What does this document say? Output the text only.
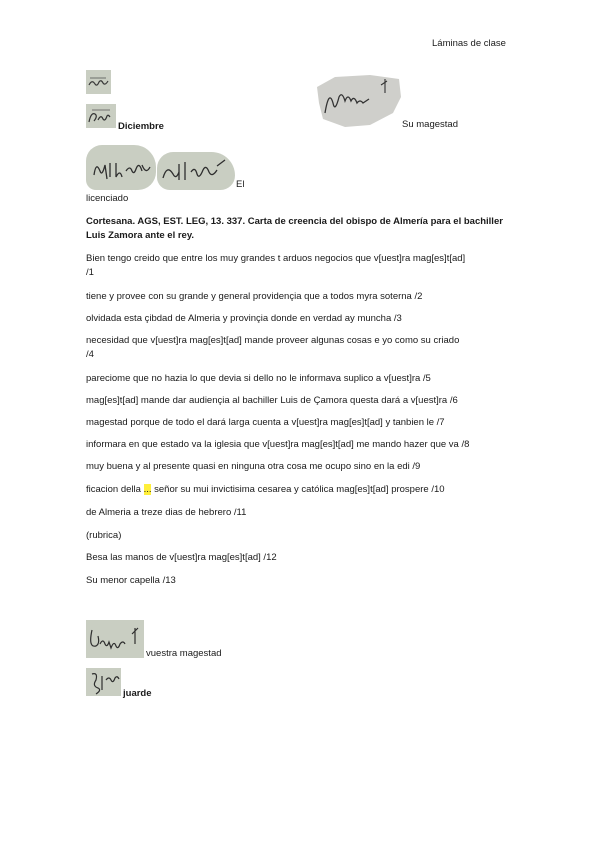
Láminas de clase
Diciembre	Su magestad
El
licenciado
Cortesana. AGS, EST. LEG, 13. 337. Carta de creencia del obispo de Almería para el bachiller Luis Zamora ante el rey.
Bien tengo creido que entre los muy grandes t arduos negocios que v[uest]ra mag[es]t[ad]
/1
tiene y provee con su grande y general providençia que a todos myra soterna /2
olvidada esta çibdad de Almeria y provinçia donde en verdad ay muncha /3
necesidad que v[uest]ra mag[es]t[ad] mande proveer algunas cosas e yo como su criado
/4
pareciome que no hazia lo que devia si dello no le informava suplico a v[uest]ra /5
mag[es]t[ad] mande dar audiençia al bachiller Luis de Çamora questa dará a v[uest]ra /6
magestad porque de todo el dará larga cuenta a v[uest]ra mag[es]t[ad] y tanbien le /7
informara en que estado va la iglesia que v[uest]ra mag[es]t[ad] me mando hazer que va /8
muy buena y al presente quasi en ninguna otra cosa me ocupo sino en la edi /9
ficacion della ... señor su mui invictisima cesarea y católica mag[es]t[ad] prospere /10
de Almeria a treze dias de hebrero /11
(rubrica)
Besa las manos de v[uest]ra mag[es]t[ad] /12
Su menor capella /13
vuestra magestad
juarde
